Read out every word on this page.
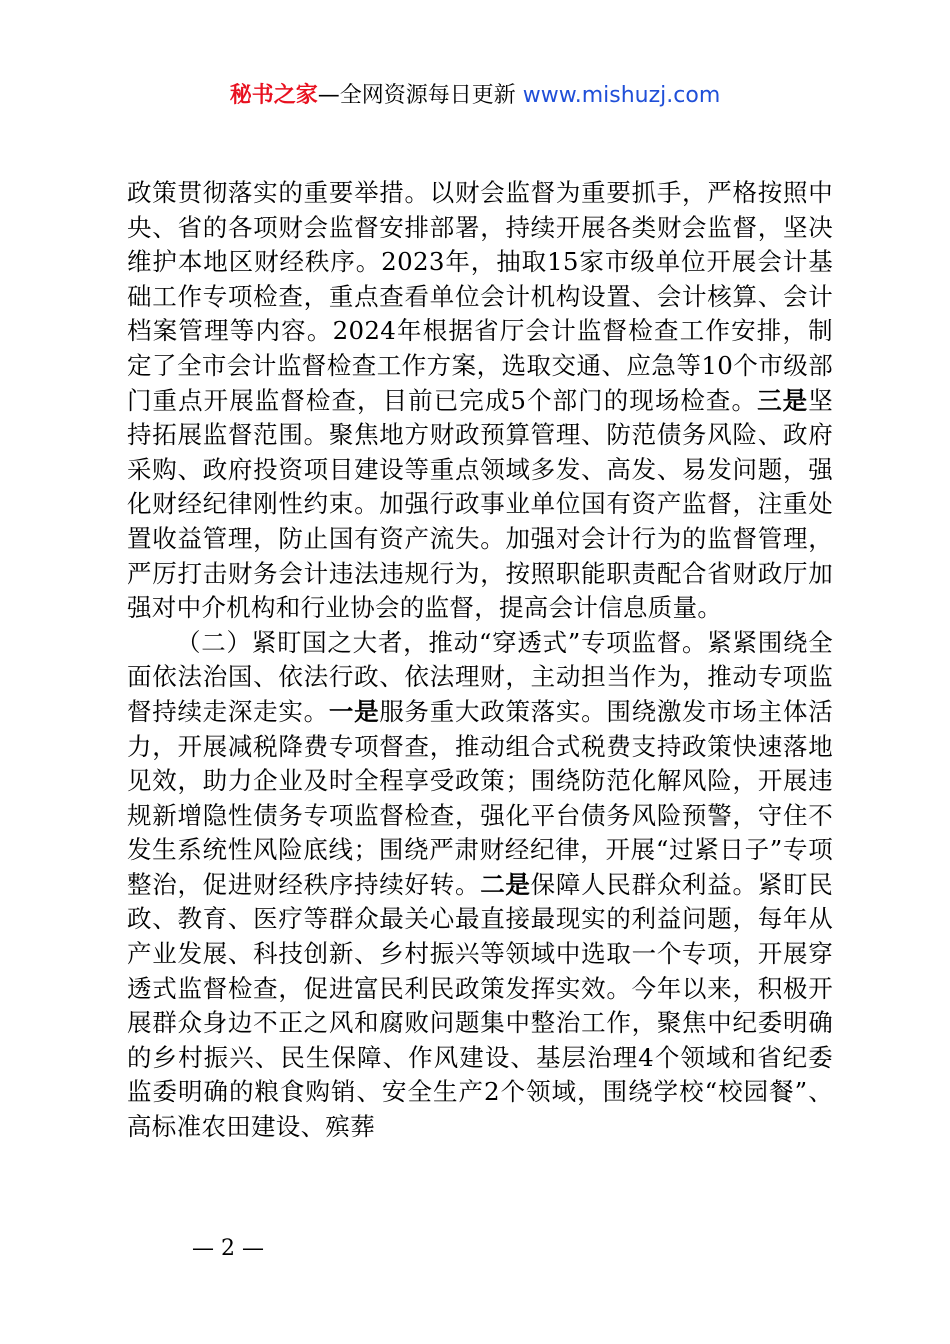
秘书之家—全网资源每日更新 www.mishuzj.com

政策贯彻落实的重要举措。以财会监督为重要抓手，严格按照中央、省的各项财会监督安排部署，持续开展各类财会监督，坚决维护本地区财经秩序。2023年，抽取15家市级单位开展会计基础工作专项检查，重点查看单位会计机构设置、会计核算、会计档案管理等内容。2024年根据省厅会计监督检查工作安排，制定了全市会计监督检查工作方案，选取交通、应急等10个市级部门重点开展监督检查，目前已完成5个部门的现场检查。三是坚持拓展监督范围。聚焦地方财政预算管理、防范债务风险、政府采购、政府投资项目建设等重点领域多发、高发、易发问题，强化财经纪律刚性约束。加强行政事业单位国有资产监督，注重处置收益管理，防止国有资产流失。加强对会计行为的监督管理，严厉打击财务会计违法违规行为，按照职能职责配合省财政厅加强对中介机构和行业协会的监督，提高会计信息质量。

（二）紧盯国之大者，推动“穿透式”专项监督。紧紧围绕全面依法治国、依法行政、依法理财，主动担当作为，推动专项监督持续走深走实。一是服务重大政策落实。围绕激发市场主体活力，开展减税降费专项督查，推动组合式税费支持政策快速落地见效，助力企业及时全程享受政策；围绕防范化解风险，开展违规新增隐性债务专项监督检查，强化平台债务风险预警，守住不发生系统性风险底线；围绕严肃财经纪律，开展“过紧日子”专项整治，促进财经秩序持续好转。二是保障人民群众利益。紧盯民政、教育、医疗等群众最关心最直接最现实的利益问题，每年从产业发展、科技创新、乡村振兴等领域中选取一个专项，开展穿透式监督检查，促进富民利民政策发挥实效。今年以来，积极开展群众身边不正之风和腐败问题集中整治工作，聚焦中纪委明确的乡村振兴、民生保障、作风建设、基层治理4个领域和省纪委监委明确的粮食购销、安全生产2个领域，围绕学校“校园餐”、高标准农田建设、殡葬

— 2 —
